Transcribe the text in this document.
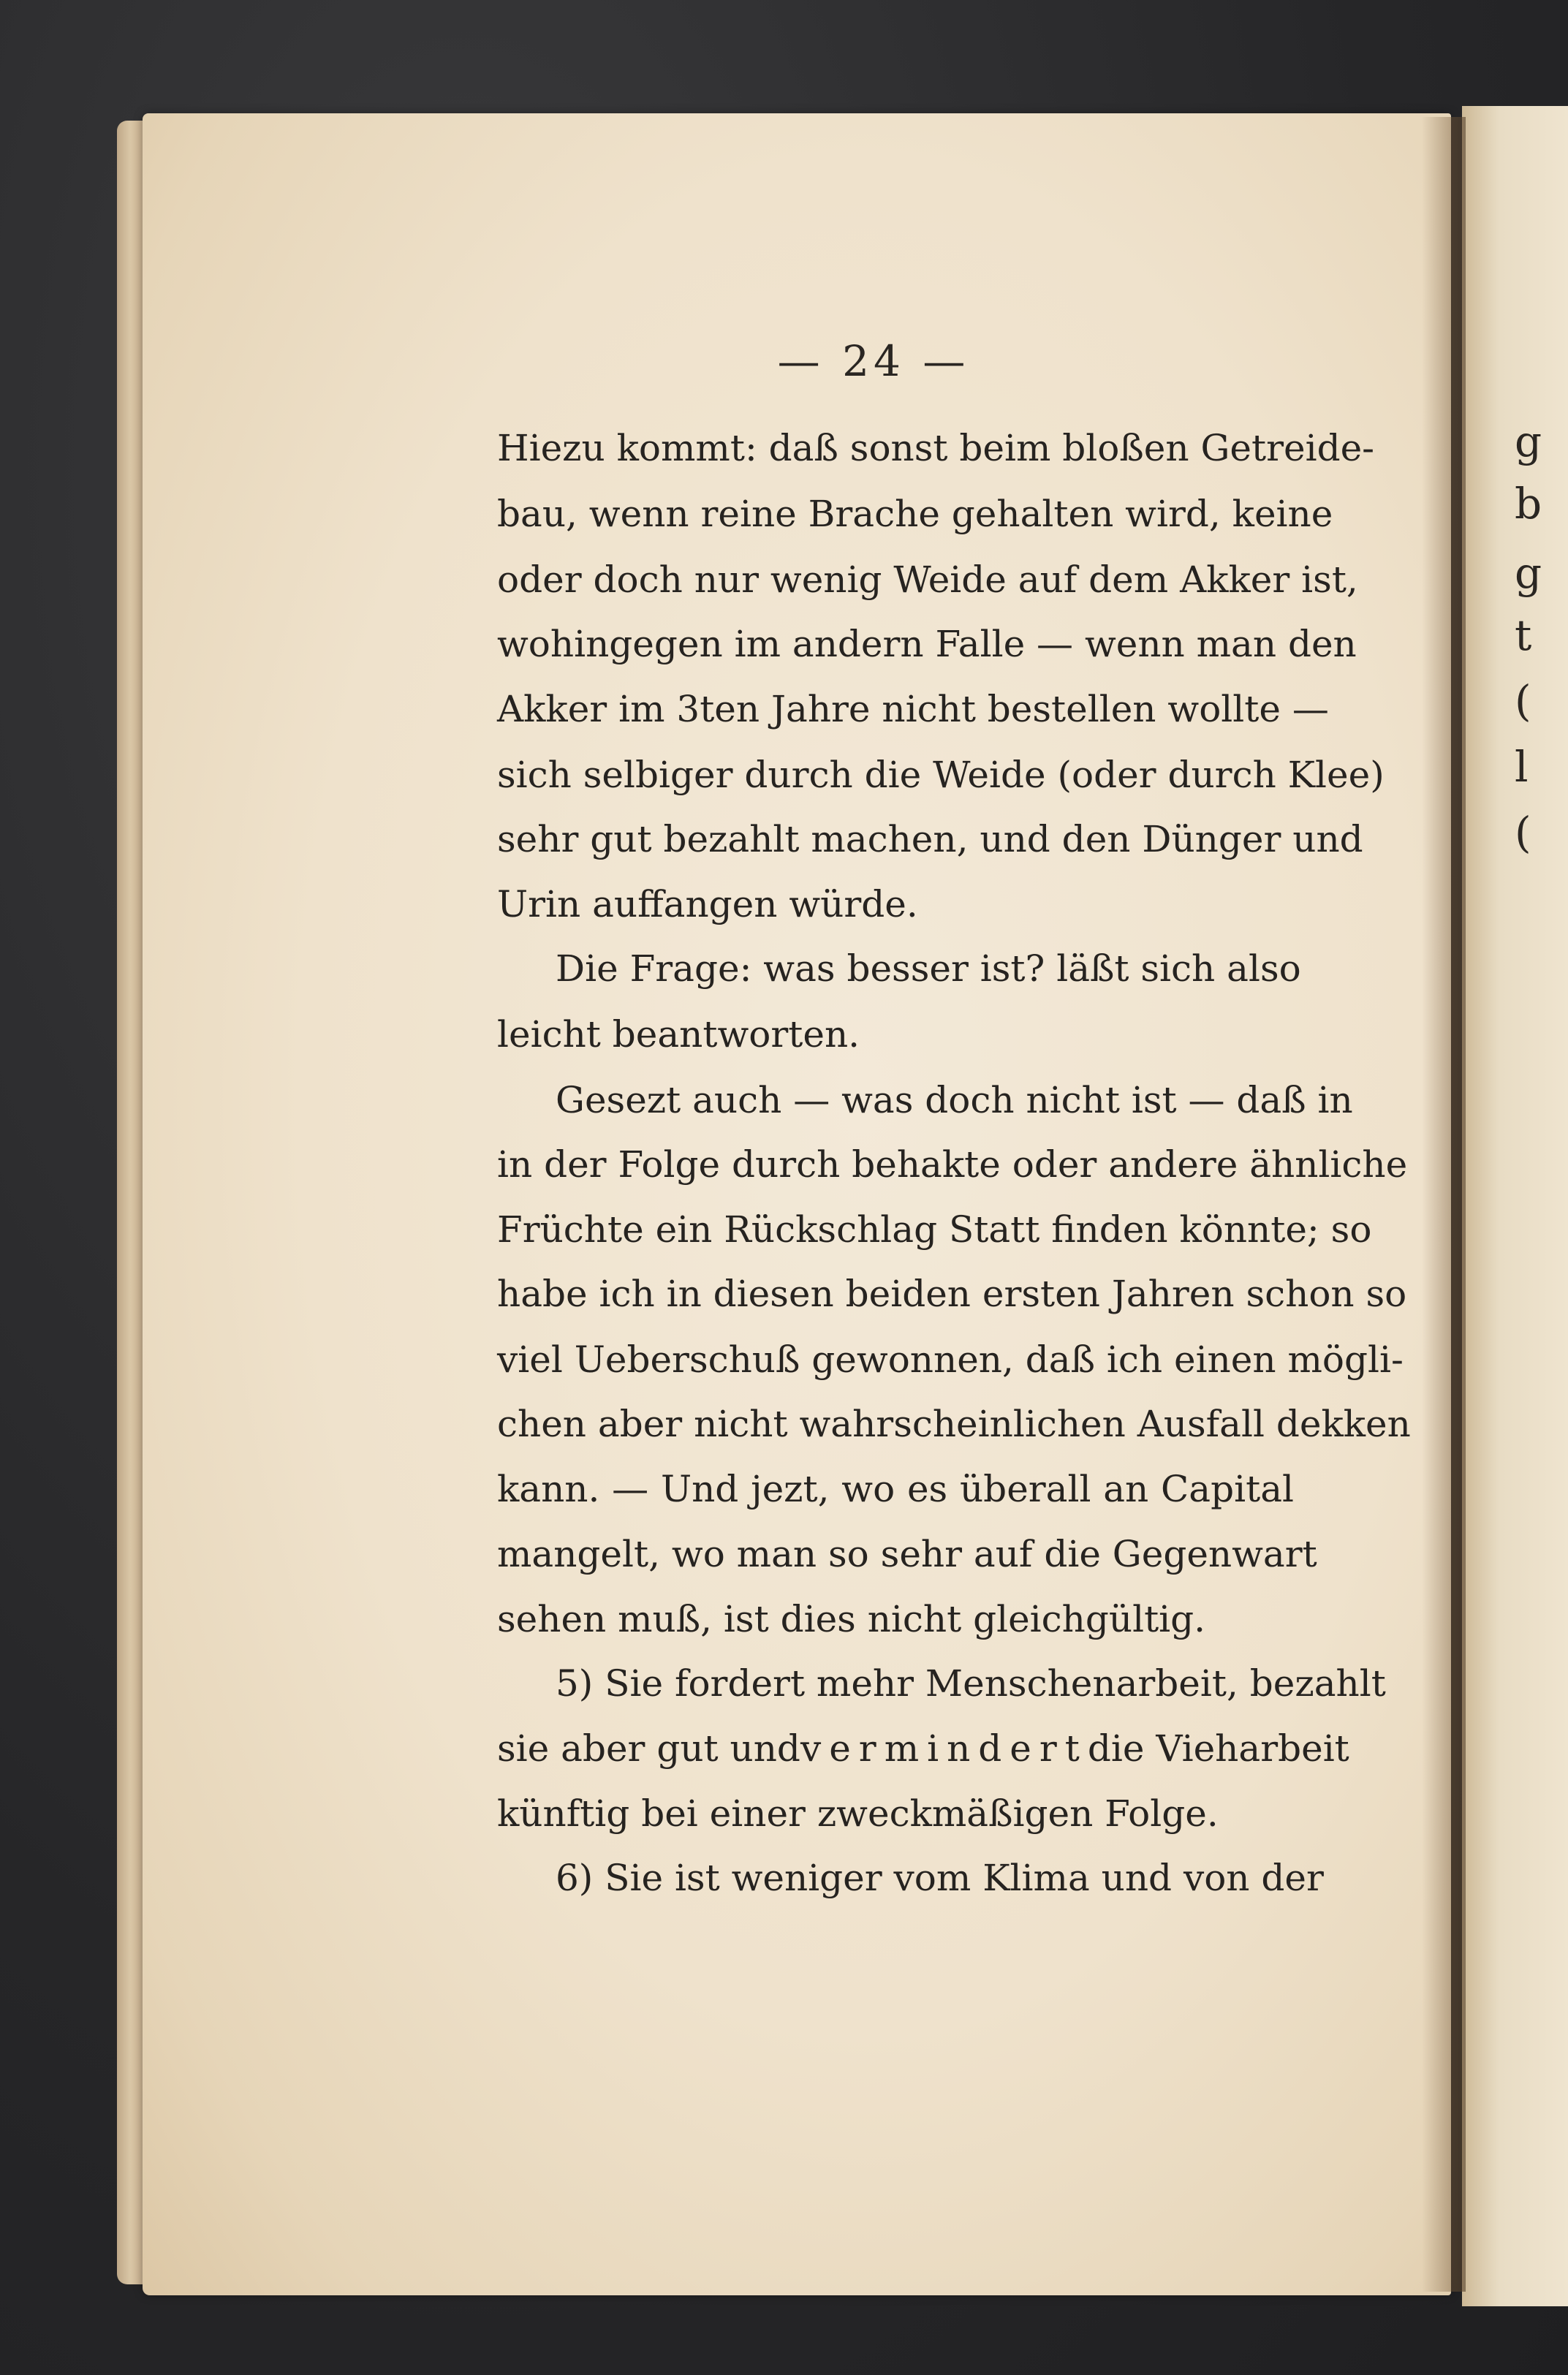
g
b
g
t
(
l
(
— 24 —
Hiezu kommt: daß sonst beim bloßen Getreide-
bau, wenn reine Brache gehalten wird, keine
oder doch nur wenig Weide auf dem Akker ist,
wohingegen im andern Falle — wenn man den
Akker im 3ten Jahre nicht bestellen wollte —
sich selbiger durch die Weide (oder durch Klee)
sehr gut bezahlt machen, und den Dünger und
Urin auffangen würde.
Die Frage: was besser ist? läßt sich also
leicht beantworten.
Gesezt auch — was doch nicht ist — daß in
in der Folge durch behakte oder andere ähnliche
Früchte ein Rückschlag Statt finden könnte; so
habe ich in diesen beiden ersten Jahren schon so
viel Ueberschuß gewonnen, daß ich einen mögli-
chen aber nicht wahrscheinlichen Ausfall dekken
kann. — Und jezt, wo es überall an Capital
mangelt, wo man so sehr auf die Gegenwart
sehen muß, ist dies nicht gleichgültig.
5) Sie fordert mehr Menschenarbeit, bezahlt
sie aber gut und vermindert die Vieharbeit
künftig bei einer zweckmäßigen Folge.
6) Sie ist weniger vom Klima und von der
